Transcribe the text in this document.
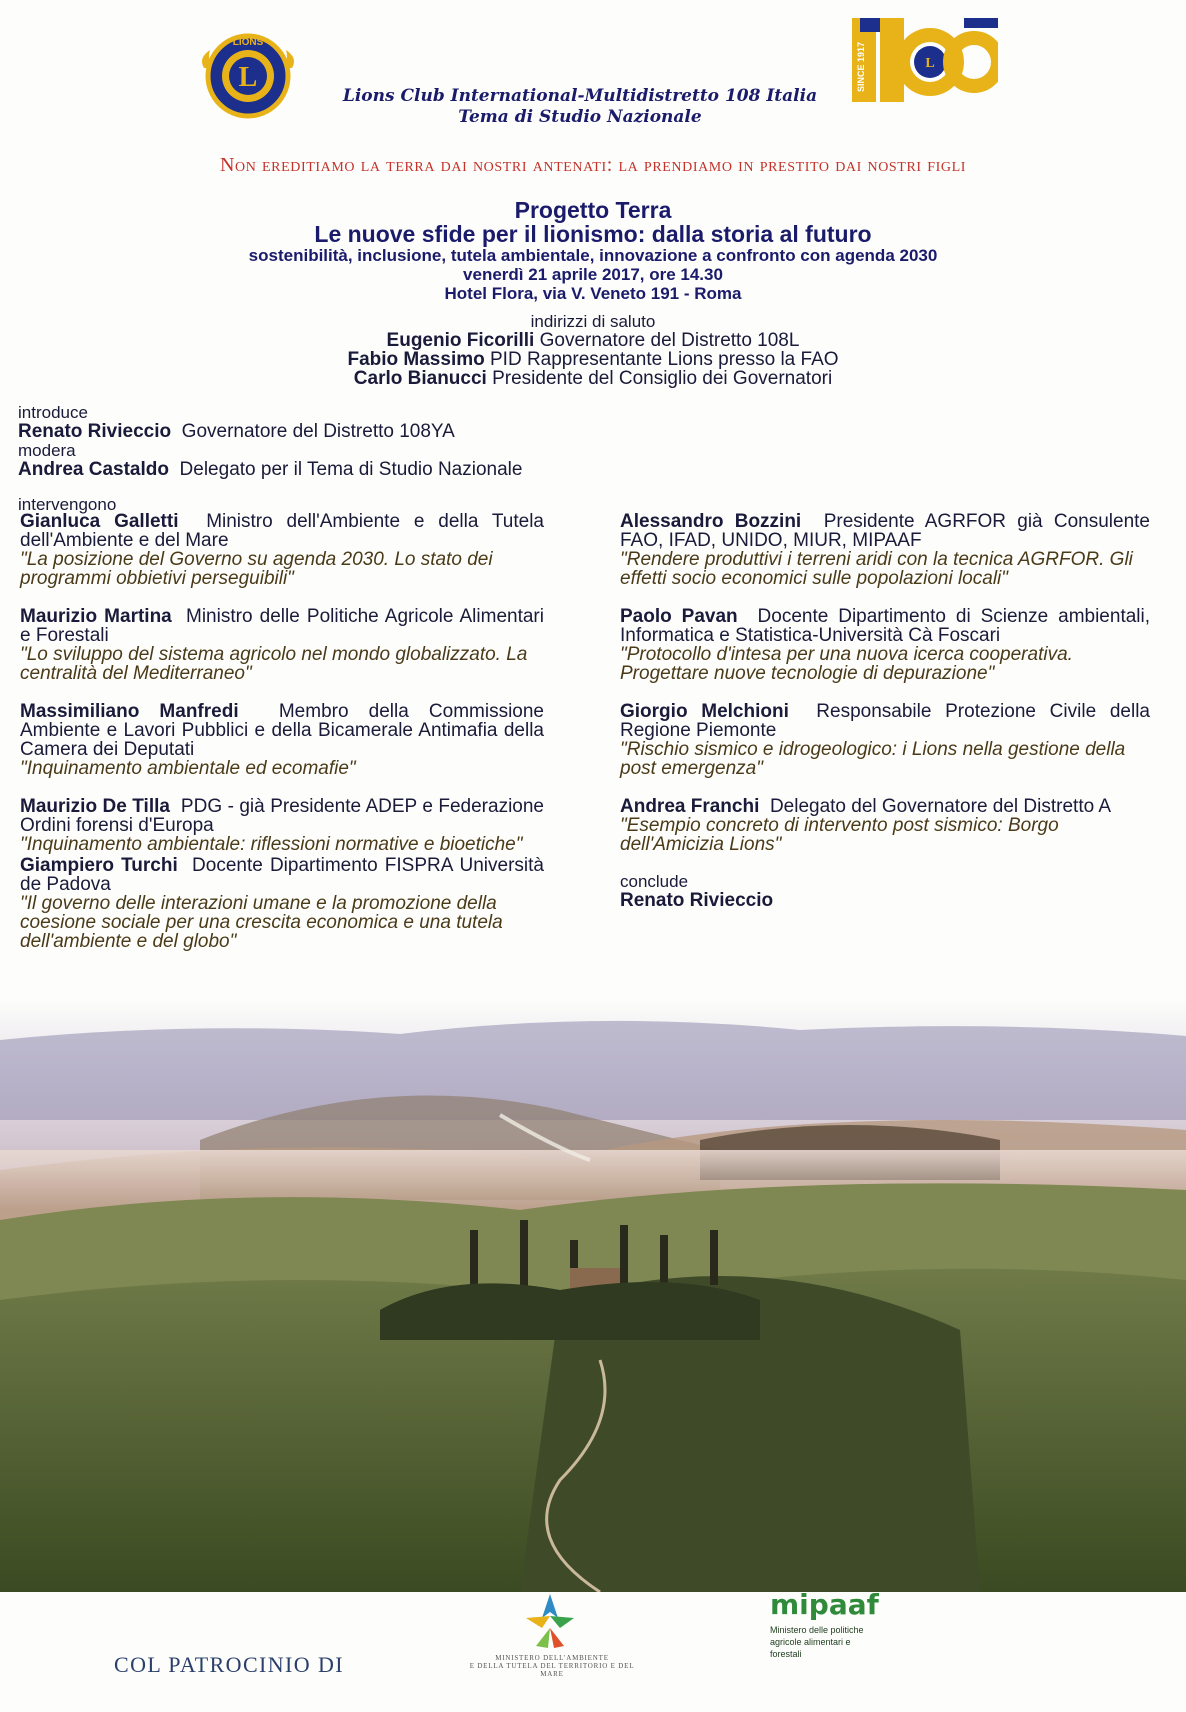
L
LIONS	SINCE 1917	L
Lions Club International-Multidistretto 108 Italia
Tema di Studio Nazionale
Non ereditiamo la terra dai nostri antenati: la prendiamo in prestito dai nostri figli
Progetto Terra
Le nuove sfide per il lionismo: dalla storia al futuro
sostenibilità, inclusione, tutela ambientale, innovazione a confronto con agenda 2030
venerdì 21 aprile 2017, ore 14.30
Hotel Flora, via V. Veneto 191 - Roma
indirizzi di saluto
Eugenio Ficorilli Governatore del Distretto 108L
Fabio Massimo PID Rappresentante Lions presso la FAO
Carlo Bianucci Presidente del Consiglio dei Governatori
introduce
Renato Rivieccio Governatore del Distretto 108YA
modera
Andrea Castaldo Delegato per il Tema di Studio Nazionale
intervengono
Gianluca Galletti Ministro dell'Ambiente e della Tutela dell'Ambiente e del Mare
"La posizione del Governo su agenda 2030. Lo stato dei programmi obbietivi perseguibili"
Maurizio Martina Ministro delle Politiche Agricole Alimentari e Forestali
"Lo sviluppo del sistema agricolo nel mondo globalizzato. La centralità del Mediterraneo"
Massimiliano Manfredi Membro della Commissione Ambiente e Lavori Pubblici e della Bicamerale Antimafia della Camera dei Deputati
"Inquinamento ambientale ed ecomafie"
Maurizio De Tilla PDG - già Presidente ADEP e Federazione Ordini forensi d'Europa
"Inquinamento ambientale: riflessioni normative e bioetiche"
Giampiero Turchi Docente Dipartimento FISPRA Università de Padova
"Il governo delle interazioni umane e la promozione della coesione sociale per una crescita economica e una tutela dell'ambiente e del globo"
Alessandro Bozzini Presidente AGRFOR già Consulente FAO, IFAD, UNIDO, MIUR, MIPAAF
"Rendere produttivi i terreni aridi con la tecnica AGRFOR. Gli effetti socio economici sulle popolazioni locali"
Paolo Pavan Docente Dipartimento di Scienze ambientali, Informatica e Statistica-Università Cà Foscari
"Protocollo d'intesa per una nuova icerca cooperativa. Progettare nuove tecnologie di depurazione"
Giorgio Melchioni Responsabile Protezione Civile della Regione Piemonte
"Rischio sismico e idrogeologico: i Lions nella gestione della post emergenza"
Andrea Franchi Delegato del Governatore del Distretto A
"Esempio concreto di intervento post sismico: Borgo dell'Amicizia Lions"
conclude
Renato Rivieccio
COL PATROCINIO DI	MINISTERO DELL'AMBIENTE
E DELLA TUTELA DEL TERRITORIO E DEL MARE
mipaaf
Ministero delle politiche agricole alimentari e forestali
